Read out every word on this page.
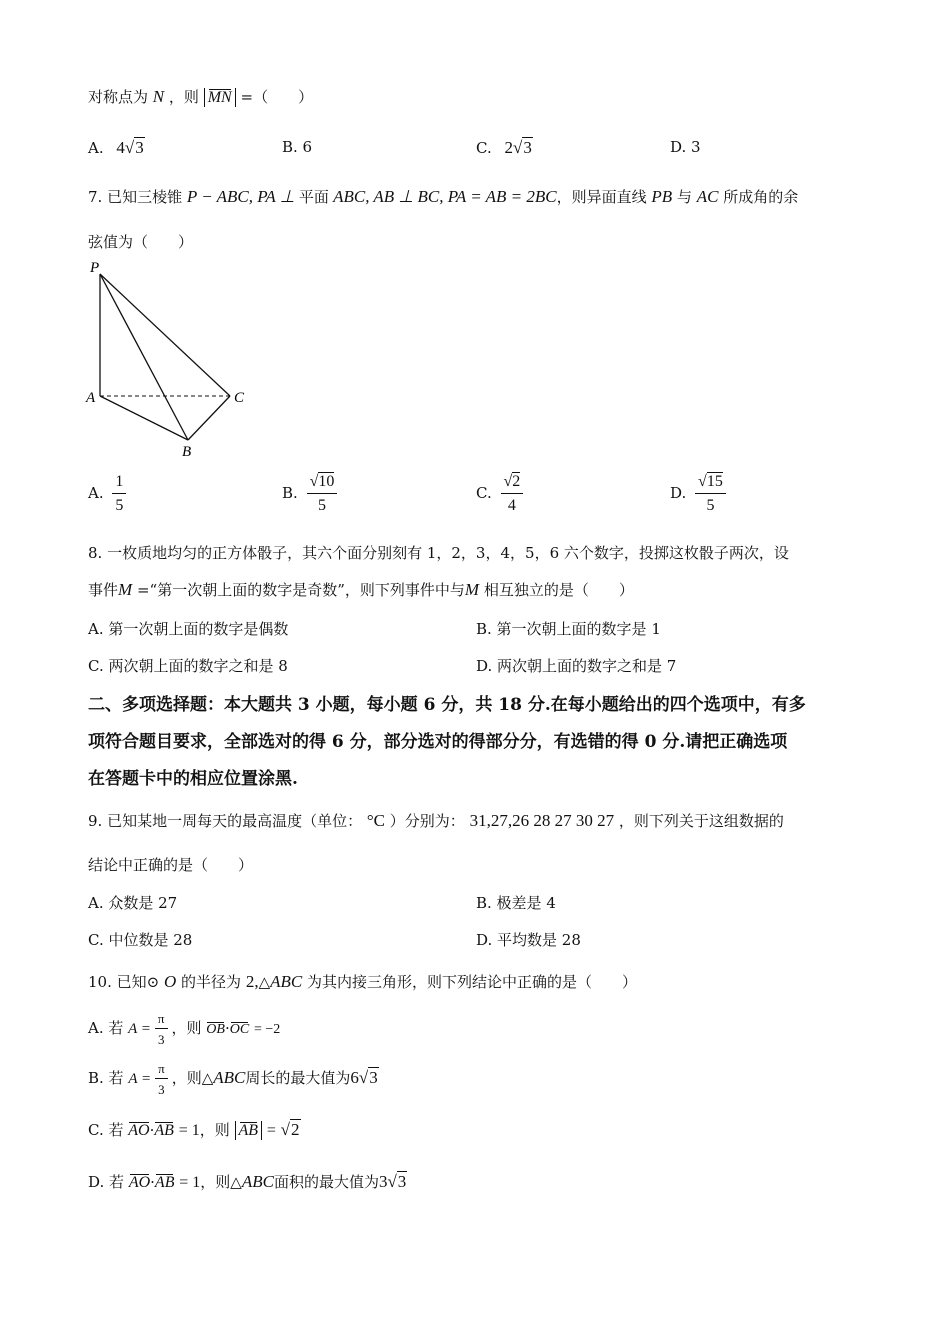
对称点为 N ，则 MN =（　　）
A. 4√3	B. 6	C. 2√3	D. 3
7. 已知三棱锥 P − ABC, PA ⊥ 平面 ABC, AB ⊥ BC, PA = AB = 2BC，则异面直线 PB 与 AC 所成角的余
弦值为（　　）
P
A
B
C
A. $\frac{1}{5}$	B. $\frac{√10}{5}$	C. $\frac{√2}{4}$	D. $\frac{√15}{5}$
8. 一枚质地均匀的正方体骰子，其六个面分别刻有 1，2，3，4，5，6 六个数字，投掷这枚骰子两次，设
事件M =“第一次朝上面的数字是奇数”，则下列事件中与M 相互独立的是（　　）
A. 第一次朝上面的数字是偶数	B. 第一次朝上面的数字是 1
C. 两次朝上面的数字之和是 8	D. 两次朝上面的数字之和是 7
二、多项选择题：本大题共 3 小题，每小题 6 分，共 18 分.在每小题给出的四个选项中，有多
项符合题目要求，全部选对的得 6 分，部分选对的得部分分，有选错的得 0 分.请把正确选项
在答题卡中的相应位置涂黑.
9. 已知某地一周每天的最高温度（单位： °C ）分别为： 31,27,26 28 27 30 27 ，则下列关于这组数据的
结论中正确的是（　　）
A. 众数是 27	B. 极差是 4
C. 中位数是 28	D. 平均数是 28
10. 已知⊙ O 的半径为 2,△ABC 为其内接三角形，则下列结论中正确的是（　　）
A. 若 $A = \frac{\pi}{3}$ ，则 OB·OC = −2
B. 若 $A = \frac{\pi}{3}$ ，则△ABC周长的最大值为6√3
C. 若 AO·AB = 1，则 AB = √2
D. 若 AO·AB = 1，则△ABC面积的最大值为3√3
